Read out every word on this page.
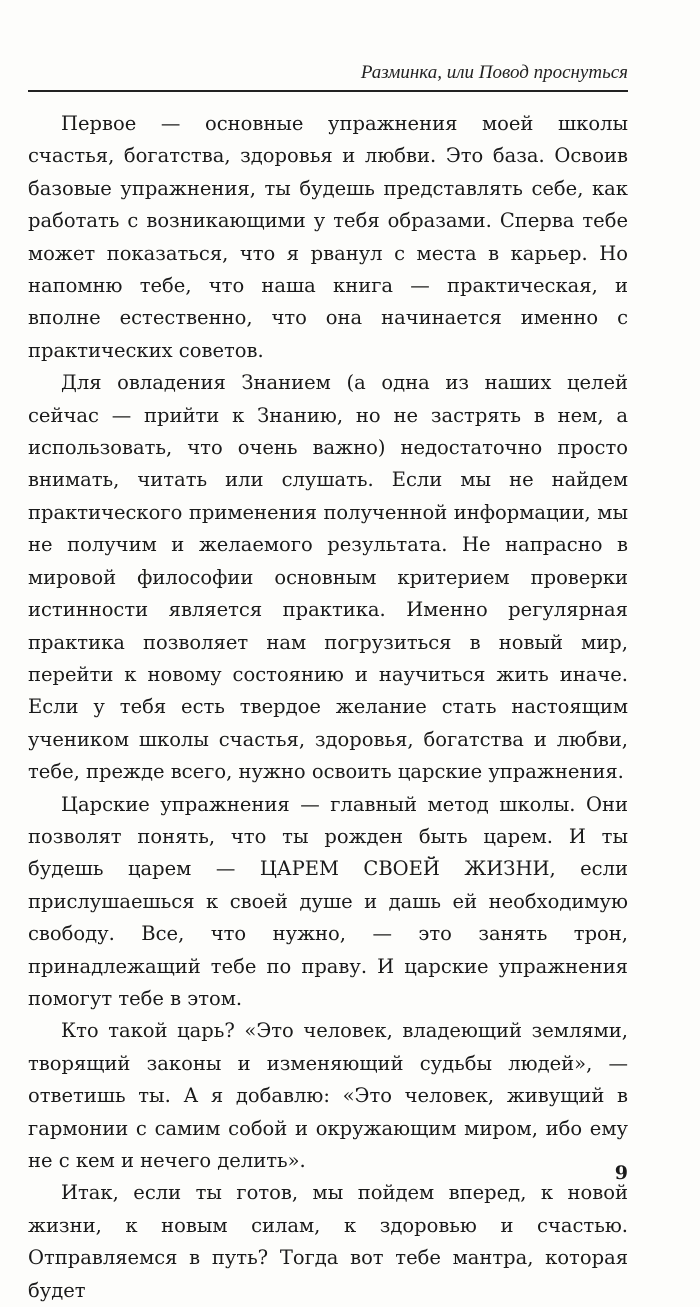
Разминка, или Повод проснуться

Первое — основные упражнения моей школы счастья, богатства, здоровья и любви. Это база. Освоив базовые упражнения, ты будешь представлять себе, как работать с возникающими у тебя образами. Сперва тебе может показаться, что я рванул с места в карьер. Но напомню тебе, что наша книга — практическая, и вполне естественно, что она начинается именно с практических советов.

Для овладения Знанием (а одна из наших целей сейчас — прийти к Знанию, но не застрять в нем, а использовать, что очень важно) недостаточно просто внимать, читать или слушать. Если мы не найдем практического применения полученной информации, мы не получим и желаемого результата. Не напрасно в мировой философии основным критерием проверки истинности является практика. Именно регулярная практика позволяет нам погрузиться в новый мир, перейти к новому состоянию и научиться жить иначе. Если у тебя есть твердое желание стать настоящим учеником школы счастья, здоровья, богатства и любви, тебе, прежде всего, нужно освоить царские упражнения.

Царские упражнения — главный метод школы. Они позволят понять, что ты рожден быть царем. И ты будешь царем — ЦАРЕМ СВОЕЙ ЖИЗНИ, если прислушаешься к своей душе и дашь ей необходимую свободу. Все, что нужно, — это занять трон, принадлежащий тебе по праву. И царские упражнения помогут тебе в этом.

Кто такой царь? «Это человек, владеющий землями, творящий законы и изменяющий судьбы людей», — ответишь ты. А я добавлю: «Это человек, живущий в гармонии с самим собой и окружающим миром, ибо ему не с кем и нечего делить».

Итак, если ты готов, мы пойдем вперед, к новой жизни, к новым силам, к здоровью и счастью. Отправляемся в путь? Тогда вот тебе мантра, которая будет

9
